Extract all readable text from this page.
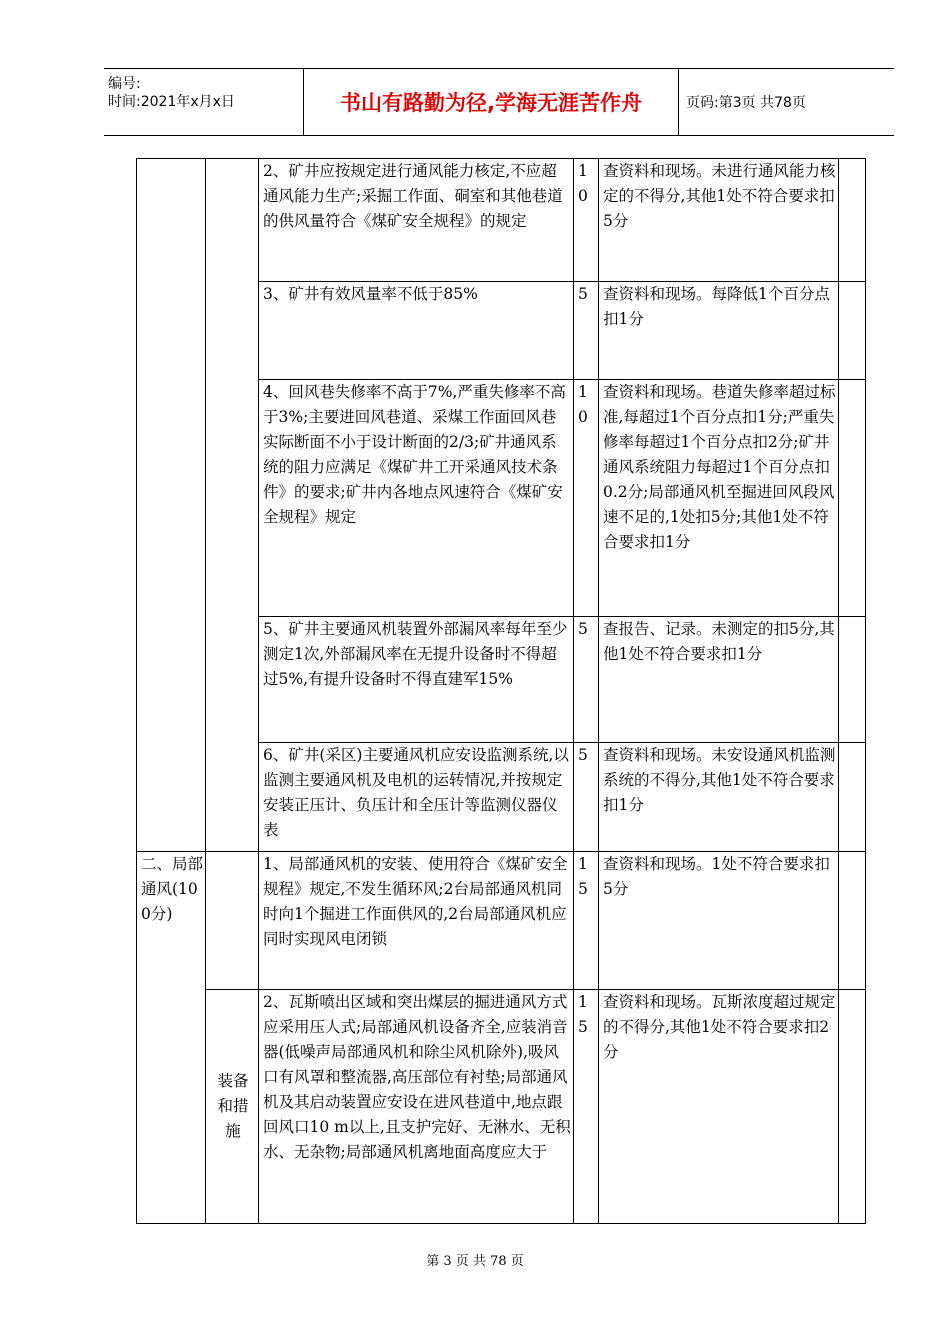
编号:
时间:2021年x月x日	书山有路勤为径,学海无涯苦作舟	页码:第3页 共78页
		2、矿井应按规定进行通风能力核定,不应超通风能力生产;采掘工作面、硐室和其他巷道的供风量符合《煤矿安全规程》的规定	10	查资料和现场。未进行通风能力核定的不得分,其他1处不符合要求扣5分	
		3、矿井有效风量率不低于85%	5	查资料和现场。每降低1个百分点扣1分	
		4、回风巷失修率不高于7%,严重失修率不高于3%;主要进回风巷道、采煤工作面回风巷实际断面不小于设计断面的2/3;矿井通风系统的阻力应满足《煤矿井工开采通风技术条件》的要求;矿井内各地点风速符合《煤矿安全规程》规定	10	查资料和现场。巷道失修率超过标准,每超过1个百分点扣1分;严重失修率每超过1个百分点扣2分;矿井通风系统阻力每超过1个百分点扣0.2分;局部通风机至掘进回风段风速不足的,1处扣5分;其他1处不符合要求扣1分	
		5、矿井主要通风机装置外部漏风率每年至少测定1次,外部漏风率在无提升设备时不得超过5%,有提升设备时不得直建军15%	5	查报告、记录。未测定的扣5分,其他1处不符合要求扣1分	
		6、矿井(采区)主要通风机应安设监测系统,以监测主要通风机及电机的运转情况,并按规定安装正压计、负压计和全压计等监测仪器仪表	5	查资料和现场。未安设通风机监测系统的不得分,其他1处不符合要求扣1分	
二、局部通风(100分)		1、局部通风机的安装、使用符合《煤矿安全规程》规定,不发生循环风;2台局部通风机同时向1个掘进工作面供风的,2台局部通风机应同时实现风电闭锁	15	查资料和现场。1处不符合要求扣5分	
	装备和措施	2、瓦斯喷出区域和突出煤层的掘进通风方式应采用压人式;局部通风机设备齐全,应装消音器(低噪声局部通风机和除尘风机除外),吸风口有风罩和整流器,高压部位有衬垫;局部通风机及其启动装置应安设在进风巷道中,地点跟回风口10 m以上,且支护完好、无淋水、无积水、无杂物;局部通风机离地面高度应大于	15	查资料和现场。瓦斯浓度超过规定的不得分,其他1处不符合要求扣2分	
第 3 页 共 78 页
